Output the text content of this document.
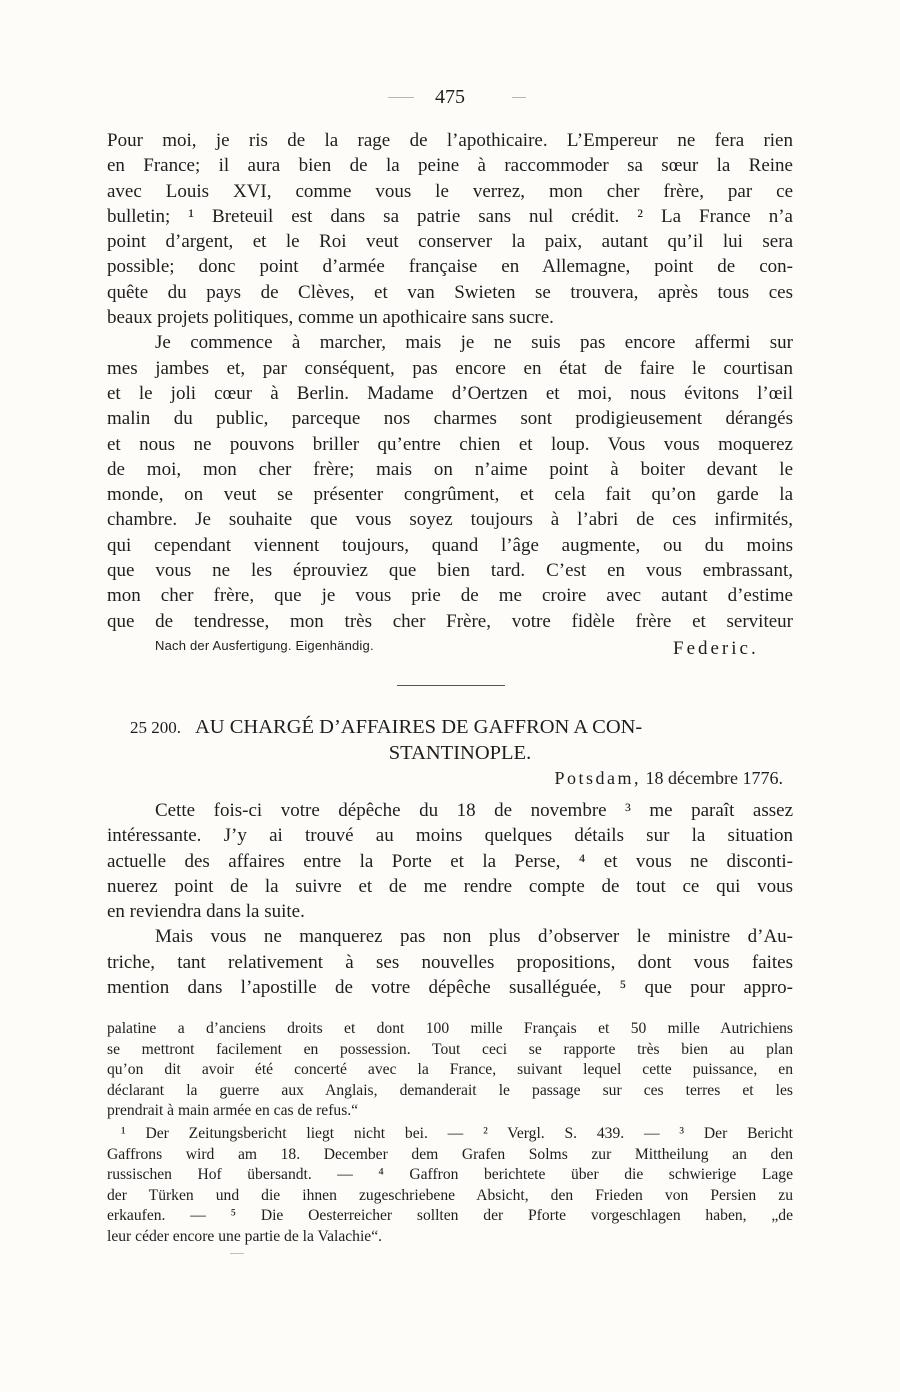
475
Pour moi, je ris de la rage de l’apothicaire. L’Empereur ne fera rien
en France; il aura bien de la peine à raccommoder sa sœur la Reine
avec Louis XVI, comme vous le verrez, mon cher frère, par ce
bulletin; ¹ Breteuil est dans sa patrie sans nul crédit. ² La France n’a
point d’argent, et le Roi veut conserver la paix, autant qu’il lui sera
possible; donc point d’armée française en Allemagne, point de con-
quête du pays de Clèves, et van Swieten se trouvera, après tous ces
beaux projets politiques, comme un apothicaire sans sucre.
Je commence à marcher, mais je ne suis pas encore affermi sur
mes jambes et, par conséquent, pas encore en état de faire le courtisan
et le joli cœur à Berlin. Madame d’Oertzen et moi, nous évitons l’œil
malin du public, parceque nos charmes sont prodigieusement dérangés
et nous ne pouvons briller qu’entre chien et loup. Vous vous moquerez
de moi, mon cher frère; mais on n’aime point à boiter devant le
monde, on veut se présenter congrûment, et cela fait qu’on garde la
chambre. Je souhaite que vous soyez toujours à l’abri de ces infirmités,
qui cependant viennent toujours, quand l’âge augmente, ou du moins
que vous ne les éprouviez que bien tard. C’est en vous embrassant,
mon cher frère, que je vous prie de me croire avec autant d’estime
que de tendresse, mon très cher Frère, votre fidèle frère et serviteur
Nach der Ausfertigung. Eigenhändig.	Federic.
25 200. AU CHARGÉ D’AFFAIRES DE GAFFRON A CON-
STANTINOPLE.
Potsdam, 18 décembre 1776.
Cette fois-ci votre dépêche du 18 de novembre ³ me paraît assez
intéressante. J’y ai trouvé au moins quelques détails sur la situation
actuelle des affaires entre la Porte et la Perse, ⁴ et vous ne disconti-
nuerez point de la suivre et de me rendre compte de tout ce qui vous
en reviendra dans la suite.
Mais vous ne manquerez pas non plus d’observer le ministre d’Au-
triche, tant relativement à ses nouvelles propositions, dont vous faites
mention dans l’apostille de votre dépêche susalléguée, ⁵ que pour appro-
palatine a d’anciens droits et dont 100 mille Français et 50 mille Autrichiens
se mettront facilement en possession. Tout ceci se rapporte très bien au plan
qu’on dit avoir été concerté avec la France, suivant lequel cette puissance, en
déclarant la guerre aux Anglais, demanderait le passage sur ces terres et les
prendrait à main armée en cas de refus.“
¹ Der Zeitungsbericht liegt nicht bei. — ² Vergl. S. 439. — ³ Der Bericht
Gaffrons wird am 18. December dem Grafen Solms zur Mittheilung an den
russischen Hof übersandt. — ⁴ Gaffron berichtete über die schwierige Lage
der Türken und die ihnen zugeschriebene Absicht, den Frieden von Persien zu
erkaufen. — ⁵ Die Oesterreicher sollten der Pforte vorgeschlagen haben, „de
leur céder encore une partie de la Valachie“.
